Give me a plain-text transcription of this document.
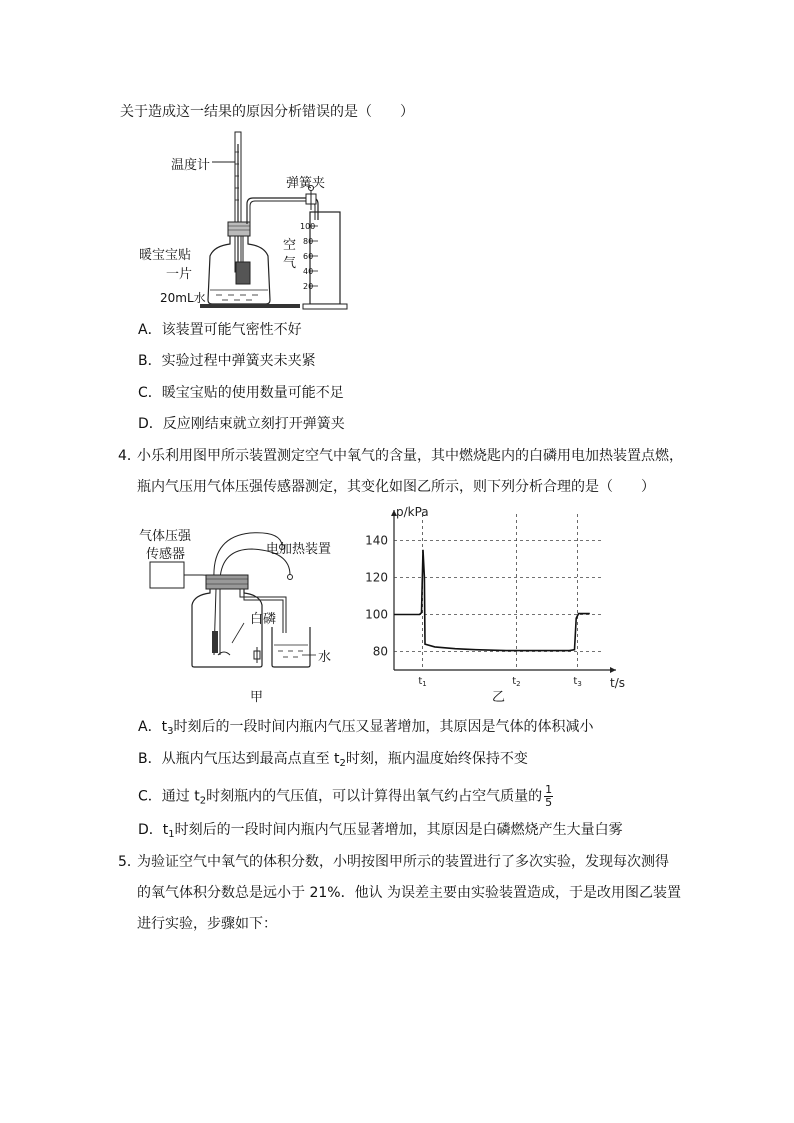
关于造成这一结果的原因分析错误的是（　　）
温度计
弹簧夹
暖宝宝贴
一片
空
气
20mL水
100
80
60
40
20
A．该装置可能气密性不好
B．实验过程中弹簧夹未夹紧
C．暖宝宝贴的使用数量可能不足
D．反应刚结束就立刻打开弹簧夹
4．
小乐利用图甲所示装置测定空气中氧气的含量，其中燃烧匙内的白磷用电加热装置点燃，
瓶内气压用气体压强传感器测定，其变化如图乙所示，则下列分析合理的是（　　）
气体压强
传感器	电加热装置
白磷
水
甲
80
100
120
140
$t_1$	$t_2$	$t_3$
p/kPa
t/s
乙
A．$t_3$时刻后的一段时间内瓶内气压又显著增加，其原因是气体的体积减小
B．从瓶内气压达到最高点直至 $t_2$时刻，瓶内温度始终保持不变
C．通过 $t_2$时刻瓶内的气压值，可以计算得出氧气约占空气质量的 $\frac{1}{5}$
D．$t_1$时刻后的一段时间内瓶内气压显著增加，其原因是白磷燃烧产生大量白雾
5．
为验证空气中氧气的体积分数，小明按图甲所示的装置进行了多次实验，发现每次测得
的氧气体积分数总是远小于 21%．他认 为误差主要由实验装置造成，于是改用图乙装置
进行实验，步骤如下：
